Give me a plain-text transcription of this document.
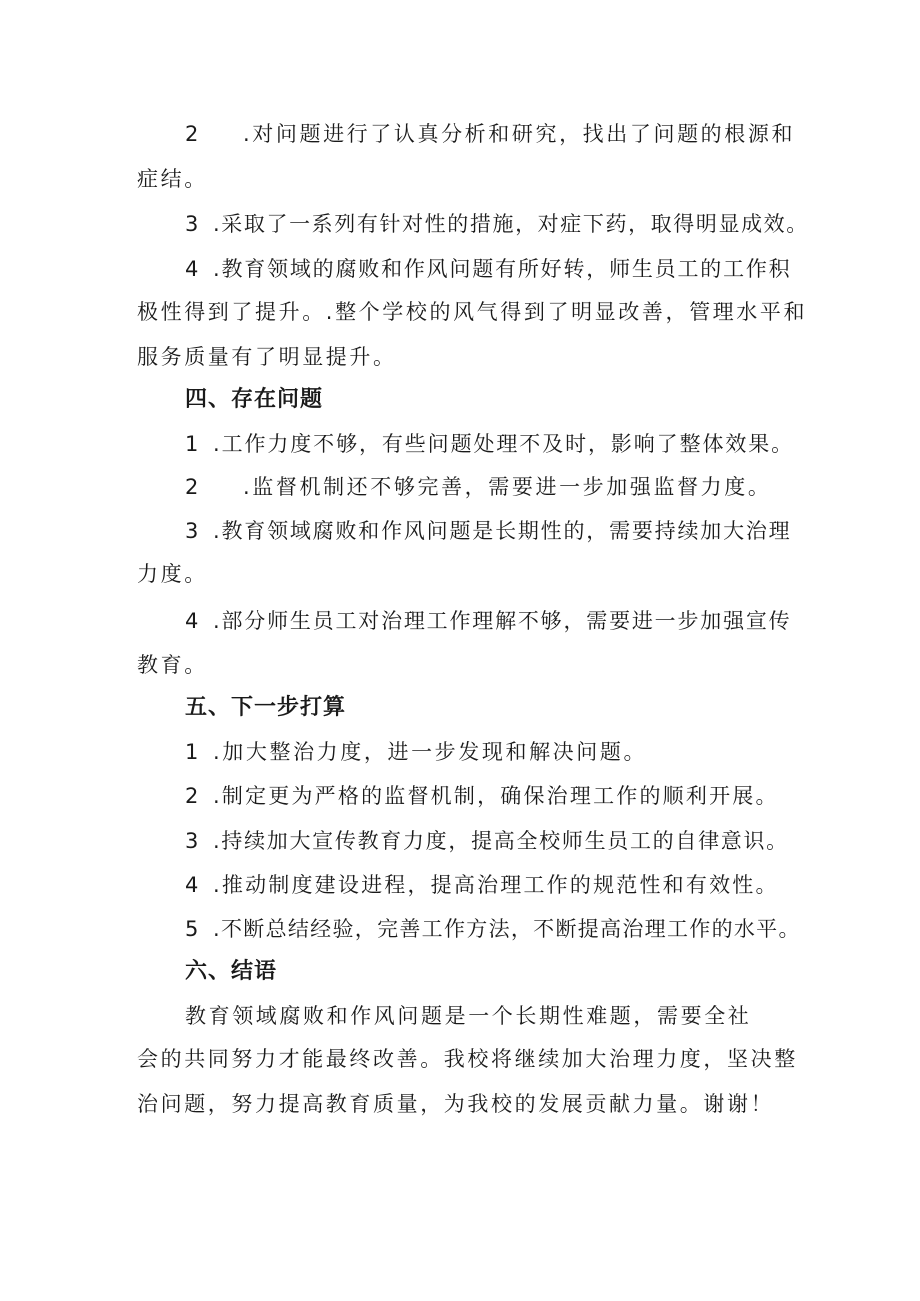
2 .对问题进行了认真分析和研究，找出了问题的根源和
症结。
3 .采取了一系列有针对性的措施，对症下药，取得明显成效。
4 .教育领域的腐败和作风问题有所好转，师生员工的工作积
极性得到了提升。.整个学校的风气得到了明显改善，管理水平和
服务质量有了明显提升。
四、存在问题
1 .工作力度不够，有些问题处理不及时，影响了整体效果。
2 .监督机制还不够完善，需要进一步加强监督力度。
3 .教育领域腐败和作风问题是长期性的，需要持续加大治理
力度。
4 .部分师生员工对治理工作理解不够，需要进一步加强宣传
教育。
五、下一步打算
1 .加大整治力度，进一步发现和解决问题。
2 .制定更为严格的监督机制，确保治理工作的顺利开展。
3 .持续加大宣传教育力度，提高全校师生员工的自律意识。
4 .推动制度建设进程，提高治理工作的规范性和有效性。
5 .不断总结经验，完善工作方法，不断提高治理工作的水平。
六、结语
教育领域腐败和作风问题是一个长期性难题，需要全社
会的共同努力才能最终改善。我校将继续加大治理力度，坚决整
治问题，努力提高教育质量，为我校的发展贡献力量。谢谢！
